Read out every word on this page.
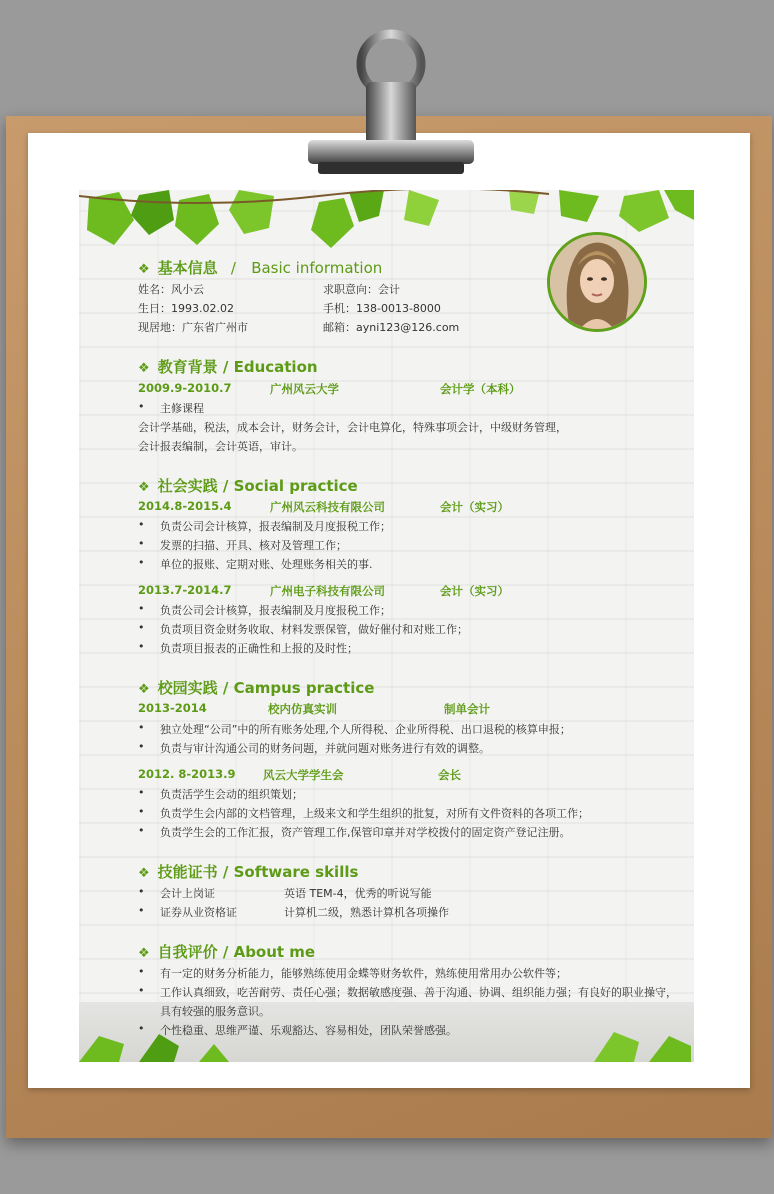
❖ 基本信息 / Basic information
姓名：风小云	求职意向：会计
生日：1993.02.02	手机：138-0013-8000
现居地：广东省广州市	邮箱：ayni123@126.com
❖ 教育背景 / Education
2009.9-2010.7	广州风云大学	会计学（本科）
• 主修课程
会计学基础，税法，成本会计，财务会计，会计电算化，特殊事项会计，中级财务管理，
会计报表编制，会计英语，审计。
❖ 社会实践 / Social practice
2014.8-2015.4	广州风云科技有限公司	会计（实习）
• 负责公司会计核算，报表编制及月度报税工作；
• 发票的扫描、开具、核对及管理工作；
• 单位的报账、定期对账、处理账务相关的事.
2013.7-2014.7	广州电子科技有限公司	会计（实习）
• 负责公司会计核算，报表编制及月度报税工作；
• 负责项目资金财务收取、材料发票保管，做好催付和对账工作；
• 负责项目报表的正确性和上报的及时性；
❖ 校园实践 / Campus practice
2013-2014	校内仿真实训	制单会计
• 独立处理“公司”中的所有账务处理,个人所得税、企业所得税、出口退税的核算申报；
• 负责与审计沟通公司的财务问题，并就问题对账务进行有效的调整。
2012. 8-2013.9 风云大学学生会	会长
• 负责活学生会动的组织策划；
• 负责学生会内部的文档管理，上级来文和学生组织的批复，对所有文件资料的各项工作；
• 负责学生会的工作汇报，资产管理工作,保管印章并对学校拨付的固定资产登记注册。
❖ 技能证书 / Software skills
• 会计上岗证	英语 TEM-4，优秀的听说写能
• 证券从业资格证	计算机二级，熟悉计算机各项操作
❖ 自我评价 / About me
• 有一定的财务分析能力，能够熟练使用金蝶等财务软件，熟练使用常用办公软件等；
• 工作认真细致，吃苦耐劳、责任心强；数据敏感度强、善于沟通、协调、组织能力强；有良好的职业操守，
具有较强的服务意识。
• 个性稳重、思维严谨、乐观豁达、容易相处，团队荣誉感强。
